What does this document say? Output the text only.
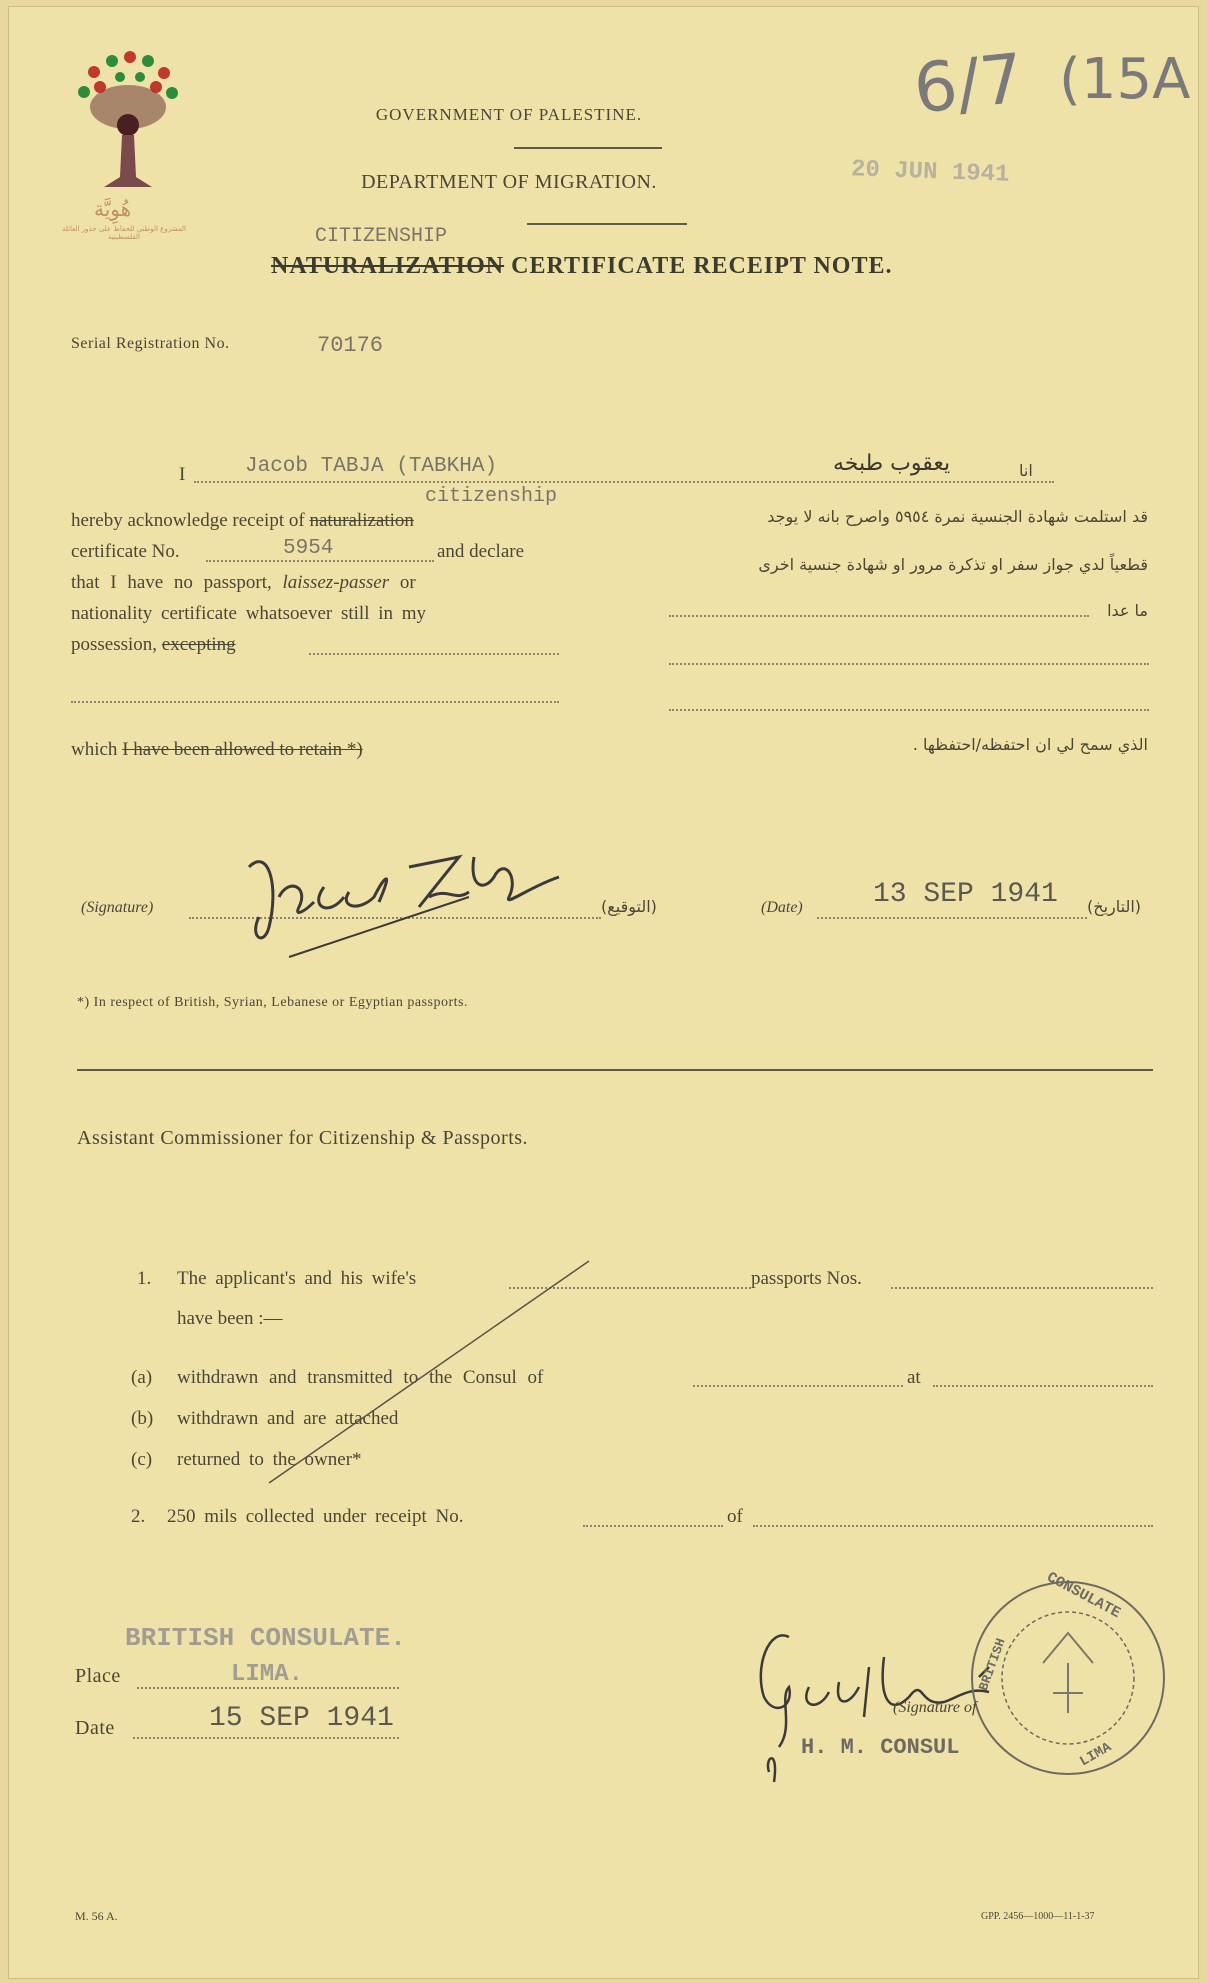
هُوِيَّة
المشروع الوطني للحفاظ على جذور العائلة الفلسطينية
6/7 (15A
GOVERNMENT OF PALESTINE.
DEPARTMENT OF MIGRATION.	20 JUN 1941
CITIZENSHIP
NATURALIZATION CERTIFICATE RECEIPT NOTE.
Serial Registration No.	70176
I	Jacob TABJA (TABKHA)
citizenship
hereby acknowledge receipt of naturalization
certificate No.	5954	and declare
that I have no passport, laissez-passer or
nationality certificate whatsoever still in my
possession, excepting
which I have been allowed to retain *)
انا
يعقوب طبخه
قد استلمت شهادة الجنسية نمرة ٥٩٥٤ واصرح بانه لا يوجد
قطعياً لدي جواز سفر او تذكرة مرور او شهادة جنسية اخرى
ما عدا
الذي سمح لي ان احتفظه/احتفظها .
(Signature)	(التوقيع)	(Date)	13 SEP 1941 (التاريخ)
*) In respect of British, Syrian, Lebanese or Egyptian passports.
Assistant Commissioner for Citizenship & Passports.
1. The applicant's and his wife's	passports Nos.
have been :—
(a) withdrawn and transmitted to the Consul of	at
(b) withdrawn and are attached
(c) returned to the owner*
2. 250 mils collected under receipt No.	of
BRITISH CONSULATE.
Place	LIMA.
Date	15 SEP 1941
CONSULATE
BRITISH
LIMA
(Signature of
H. M. CONSUL
M. 56 A.	GPP. 2456—1000—11-1-37
